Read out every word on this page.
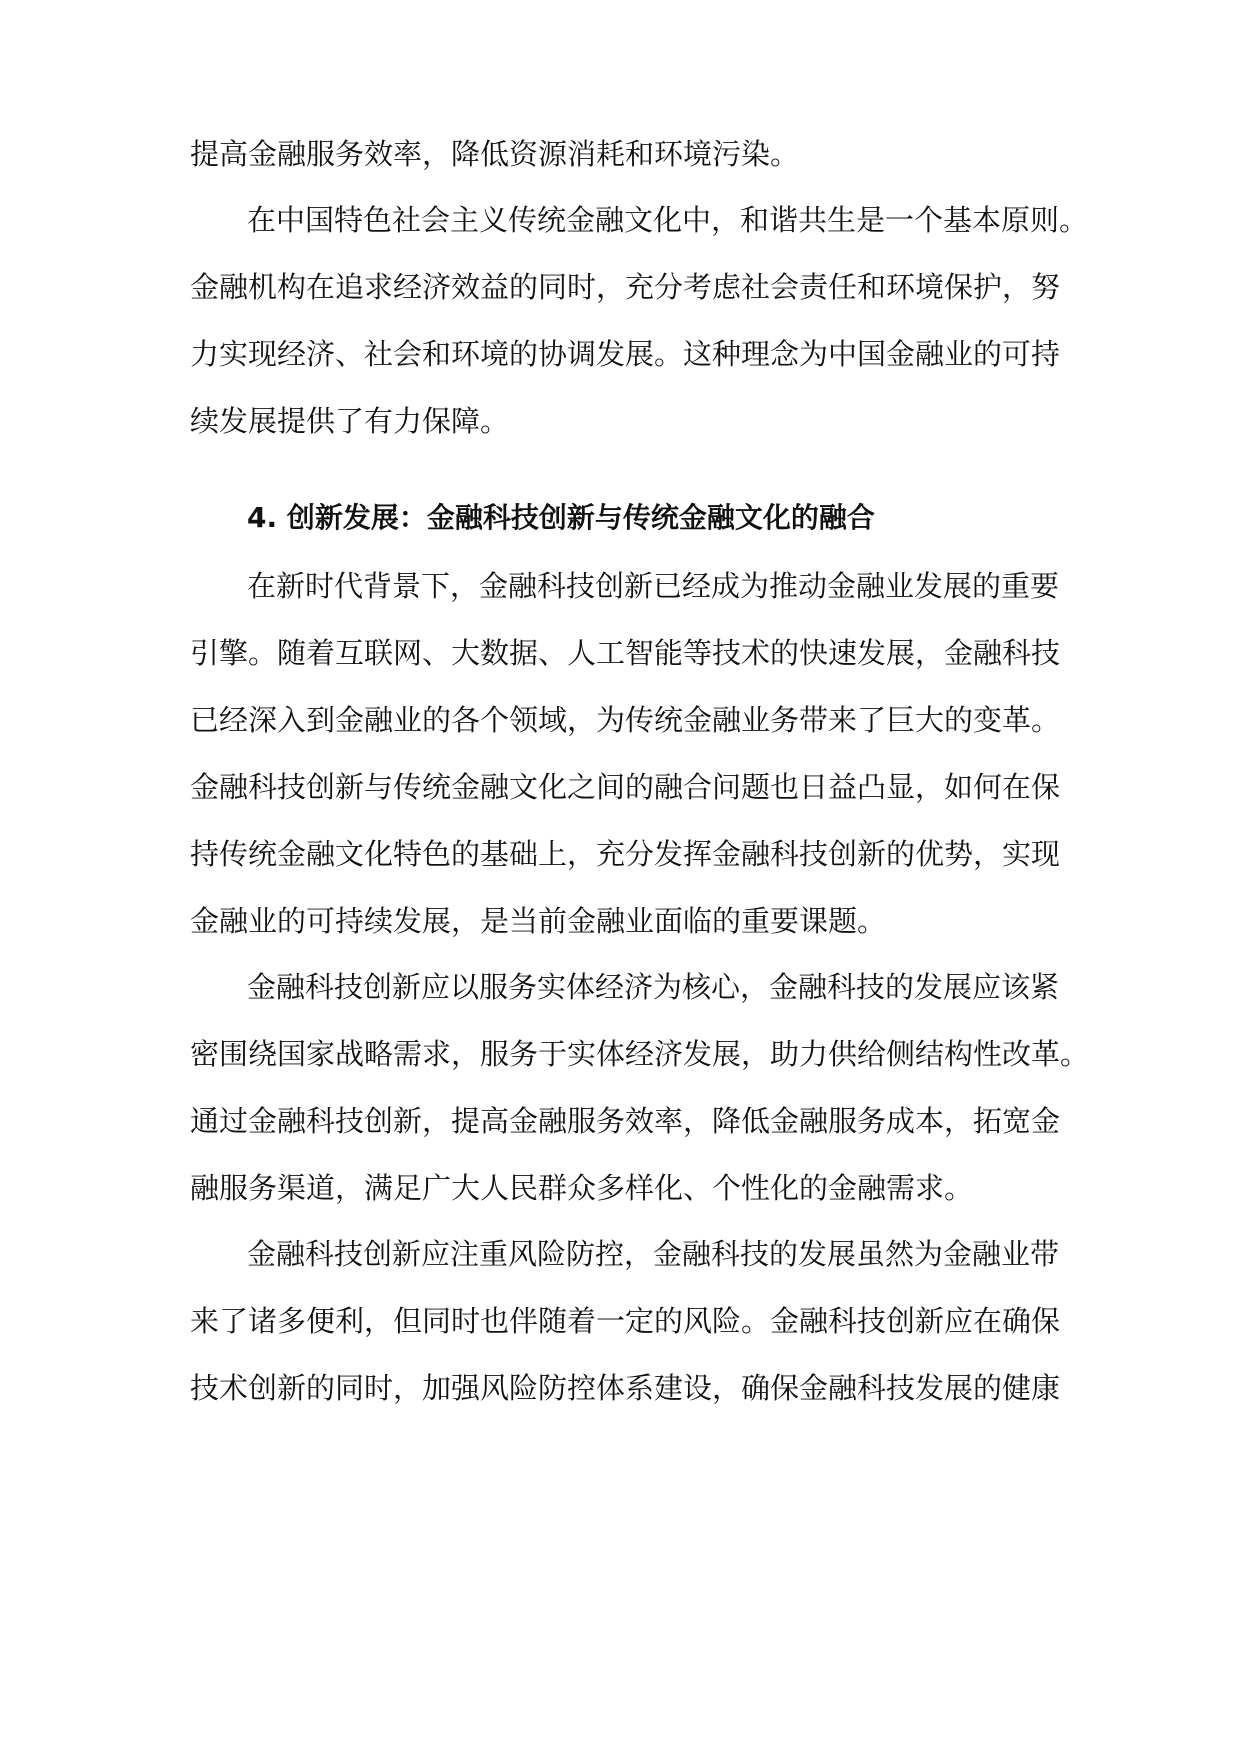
提高金融服务效率，降低资源消耗和环境污染。
在中国特色社会主义传统金融文化中，和谐共生是一个基本原则。
金融机构在追求经济效益的同时，充分考虑社会责任和环境保护，努
力实现经济、社会和环境的协调发展。这种理念为中国金融业的可持
续发展提供了有力保障。
4. 创新发展：金融科技创新与传统金融文化的融合
在新时代背景下，金融科技创新已经成为推动金融业发展的重要
引擎。随着互联网、大数据、人工智能等技术的快速发展，金融科技
已经深入到金融业的各个领域，为传统金融业务带来了巨大的变革。
金融科技创新与传统金融文化之间的融合问题也日益凸显，如何在保
持传统金融文化特色的基础上，充分发挥金融科技创新的优势，实现
金融业的可持续发展，是当前金融业面临的重要课题。
金融科技创新应以服务实体经济为核心，金融科技的发展应该紧
密围绕国家战略需求，服务于实体经济发展，助力供给侧结构性改革。
通过金融科技创新，提高金融服务效率，降低金融服务成本，拓宽金
融服务渠道，满足广大人民群众多样化、个性化的金融需求。
金融科技创新应注重风险防控，金融科技的发展虽然为金融业带
来了诸多便利，但同时也伴随着一定的风险。金融科技创新应在确保
技术创新的同时，加强风险防控体系建设，确保金融科技发展的健康
